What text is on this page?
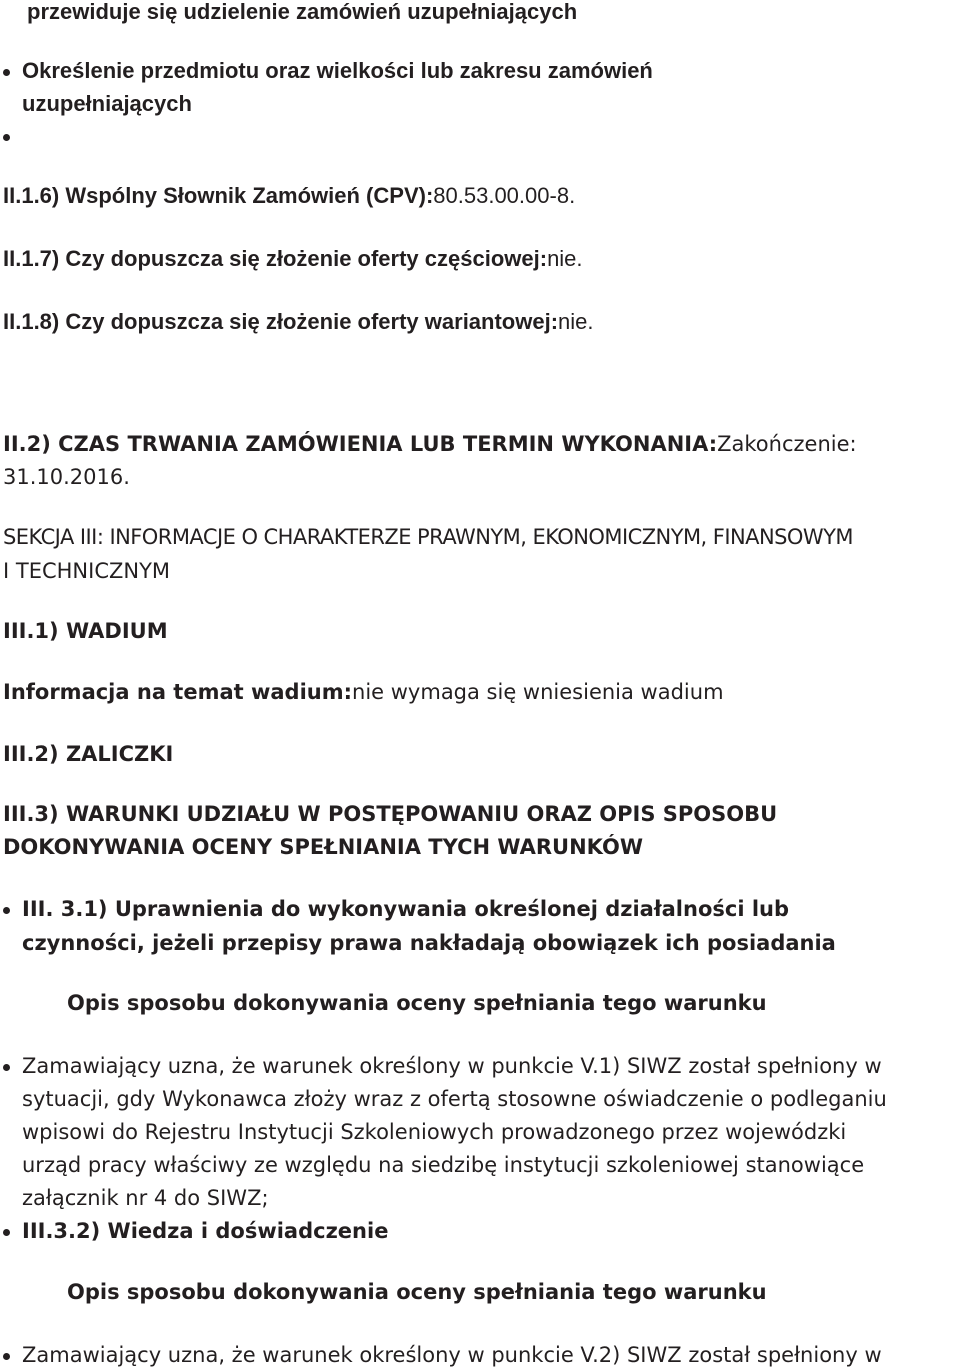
przewiduje się udzielenie zamówień uzupełniających

Określenie przedmiotu oraz wielkości lub zakresu zamówień

uzupełniających

II.1.6) Wspólny Słownik Zamówień (CPV):80.53.00.00-8.

II.1.7) Czy dopuszcza się złożenie oferty częściowej:nie.

II.1.8) Czy dopuszcza się złożenie oferty wariantowej:nie.

II.2) CZAS TRWANIA ZAMÓWIENIA LUB TERMIN WYKONANIA:Zakończenie:

31.10.2016.

SEKCJA III: INFORMACJE O CHARAKTERZE PRAWNYM, EKONOMICZNYM, FINANSOWYM

I TECHNICZNYM

III.1) WADIUM

Informacja na temat wadium:nie wymaga się wniesienia wadium

III.2) ZALICZKI

III.3) WARUNKI UDZIAŁU W POSTĘPOWANIU ORAZ OPIS SPOSOBU

DOKONYWANIA OCENY SPEŁNIANIA TYCH WARUNKÓW

III. 3.1) Uprawnienia do wykonywania określonej działalności lub

czynności, jeżeli przepisy prawa nakładają obowiązek ich posiadania

Opis sposobu dokonywania oceny spełniania tego warunku

Zamawiający uzna, że warunek określony w punkcie V.1) SIWZ został spełniony w

sytuacji, gdy Wykonawca złoży wraz z ofertą stosowne oświadczenie o podleganiu

wpisowi do Rejestru Instytucji Szkoleniowych prowadzonego przez wojewódzki

urząd pracy właściwy ze względu na siedzibę instytucji szkoleniowej stanowiące

załącznik nr 4 do SIWZ;

III.3.2) Wiedza i doświadczenie

Opis sposobu dokonywania oceny spełniania tego warunku

Zamawiający uzna, że warunek określony w punkcie V.2) SIWZ został spełniony w
